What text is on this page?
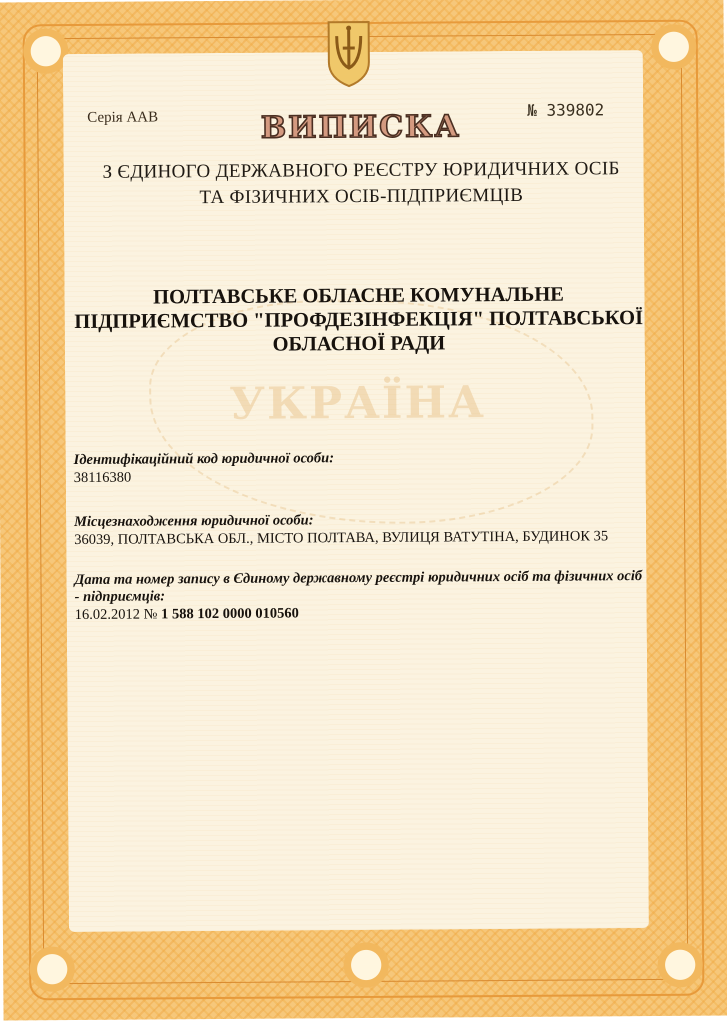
УКРАЇНА
Серія ААВ	№ 339802
ВИПИСКА
З ЄДИНОГО ДЕРЖАВНОГО РЕЄСТРУ ЮРИДИЧНИХ ОСІБ
ТА ФІЗИЧНИХ ОСІБ-ПІДПРИЄМЦІВ
ПОЛТАВСЬКЕ ОБЛАСНЕ КОМУНАЛЬНЕ
ПІДПРИЄМСТВО "ПРОФДЕЗІНФЕКЦІЯ" ПОЛТАВСЬКОЇ
ОБЛАСНОЇ РАДИ
Ідентифікаційний код юридичної особи:
38116380
Місцезнаходження юридичної особи:
36039, ПОЛТАВСЬКА ОБЛ., МІСТО ПОЛТАВА, ВУЛИЦЯ ВАТУТІНА, БУДИНОК 35
Дата та номер запису в Єдиному державному реєстрі юридичних осіб та фізичних осіб - підприємців:
16.02.2012 № 1 588 102 0000 010560
